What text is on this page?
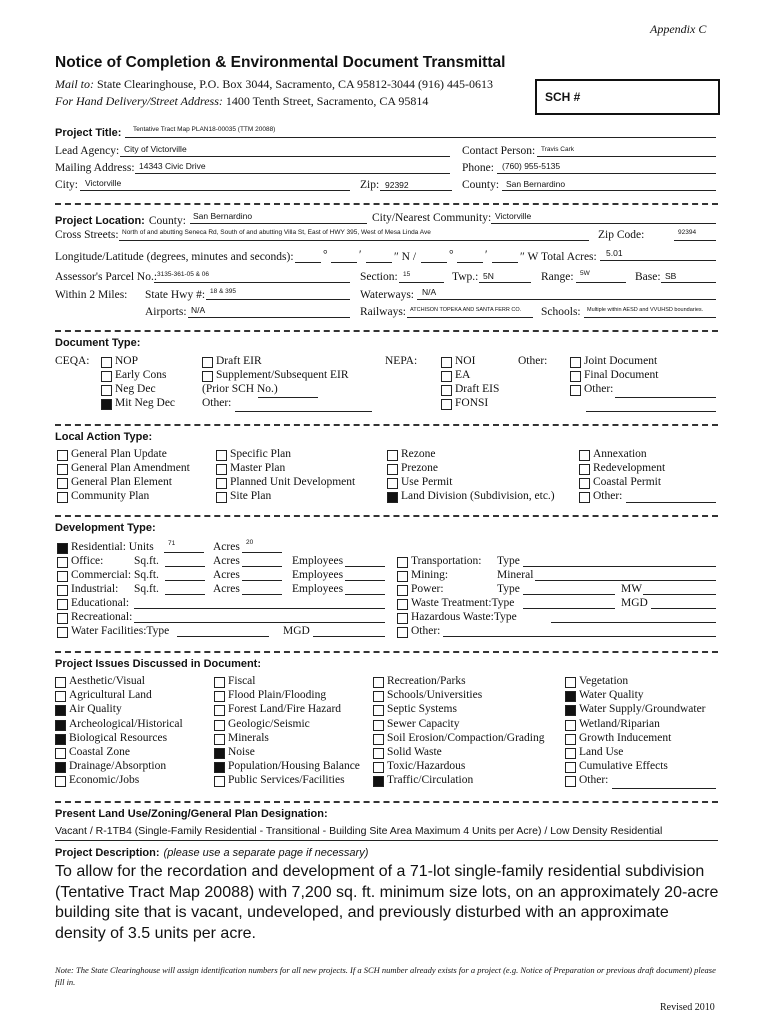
Appendix C
Notice of Completion & Environmental Document Transmittal
Mail to: State Clearinghouse, P.O. Box 3044, Sacramento, CA 95812-3044 (916) 445-0613
For Hand Delivery/Street Address: 1400 Tenth Street, Sacramento, CA 95814	SCH #
Project Title: Tentative Tract Map PLAN18-00035 (TTM 20088)
Lead Agency: City of Victorville	Contact Person: Travis Cark
Mailing Address: 14343 Civic Drive	Phone: (760) 955-5135
City: Victorville	Zip: 92392	County: San Bernardino
Project Location: County: San Bernardino	City/Nearest Community: Victorville
Cross Streets: North of and abutting Seneca Rd, South of and abutting Villa St, East of HWY 395, West of Mesa Linda Ave	Zip Code:	92394
Longitude/Latitude (degrees, minutes and seconds):	°	′	″ N /	°	′	″ W Total Acres: 5.01
Assessor's Parcel No.: 3135-361-05 & 06	Section: 15	Twp.: 5N	Range: 5W	Base: SB
Within 2 Miles: State Hwy #: 18 & 395	Waterways: N/A
Airports: N/A	Railways: ATCHISON TOPEKA AND SANTA FERR CO. Schools: Multiple within AESD and VVUHSD boundaries.
Document Type:
CEQA: NOP
Early Cons
Neg Dec
Mit Neg Dec
Draft EIR
Supplement/Subsequent EIR
(Prior SCH No.)
Other:
NEPA:	NOI
EA
Draft EIS
FONSI
Other:	Joint Document
Final Document
Other:
Local Action Type:
General Plan Update
General Plan Amendment
General Plan Element
Community Plan
Specific Plan
Master Plan
Planned Unit Development
Site Plan
Rezone
Prezone
Use Permit
Land Division (Subdivision, etc.)
Annexation
Redevelopment
Coastal Permit
Other:
Development Type:
Residential: Units 71	Acres 20
Office:	Sq.ft.	Acres	Employees
Commercial: Sq.ft.	Acres	Employees
Industrial: Sq.ft.	Acres	Employees
Educational:
Recreational:
Water Facilities:Type	MGD
Transportation: Type
Mining:	Mineral
Power:	Type	MW
Waste Treatment:Type	MGD
Hazardous Waste:Type
Other:
Project Issues Discussed in Document:
Aesthetic/Visual
Agricultural Land
Air Quality
Archeological/Historical
Biological Resources
Coastal Zone
Drainage/Absorption
Economic/Jobs
Fiscal
Flood Plain/Flooding
Forest Land/Fire Hazard
Geologic/Seismic
Minerals
Noise
Population/Housing Balance
Public Services/Facilities
Recreation/Parks
Schools/Universities
Septic Systems
Sewer Capacity
Soil Erosion/Compaction/Grading
Solid Waste
Toxic/Hazardous
Traffic/Circulation
Vegetation
Water Quality
Water Supply/Groundwater
Wetland/Riparian
Growth Inducement
Land Use
Cumulative Effects
Other:
Present Land Use/Zoning/General Plan Designation:
Vacant / R-1TB4 (Single-Family Residential - Transitional - Building Site Area Maximum 4 Units per Acre) / Low Density Residential
Project Description: (please use a separate page if necessary)
To allow for the recordation and development of a 71-lot single-family residential subdivision (Tentative Tract Map 20088) with 7,200 sq. ft. minimum size lots, on an approximately 20-acre building site that is vacant, undeveloped, and previously disturbed with an approximate density of 3.5 units per acre.
Note: The State Clearinghouse will assign identification numbers for all new projects. If a SCH number already exists for a project (e.g. Notice of Preparation or previous draft document) please fill in.
Revised 2010
